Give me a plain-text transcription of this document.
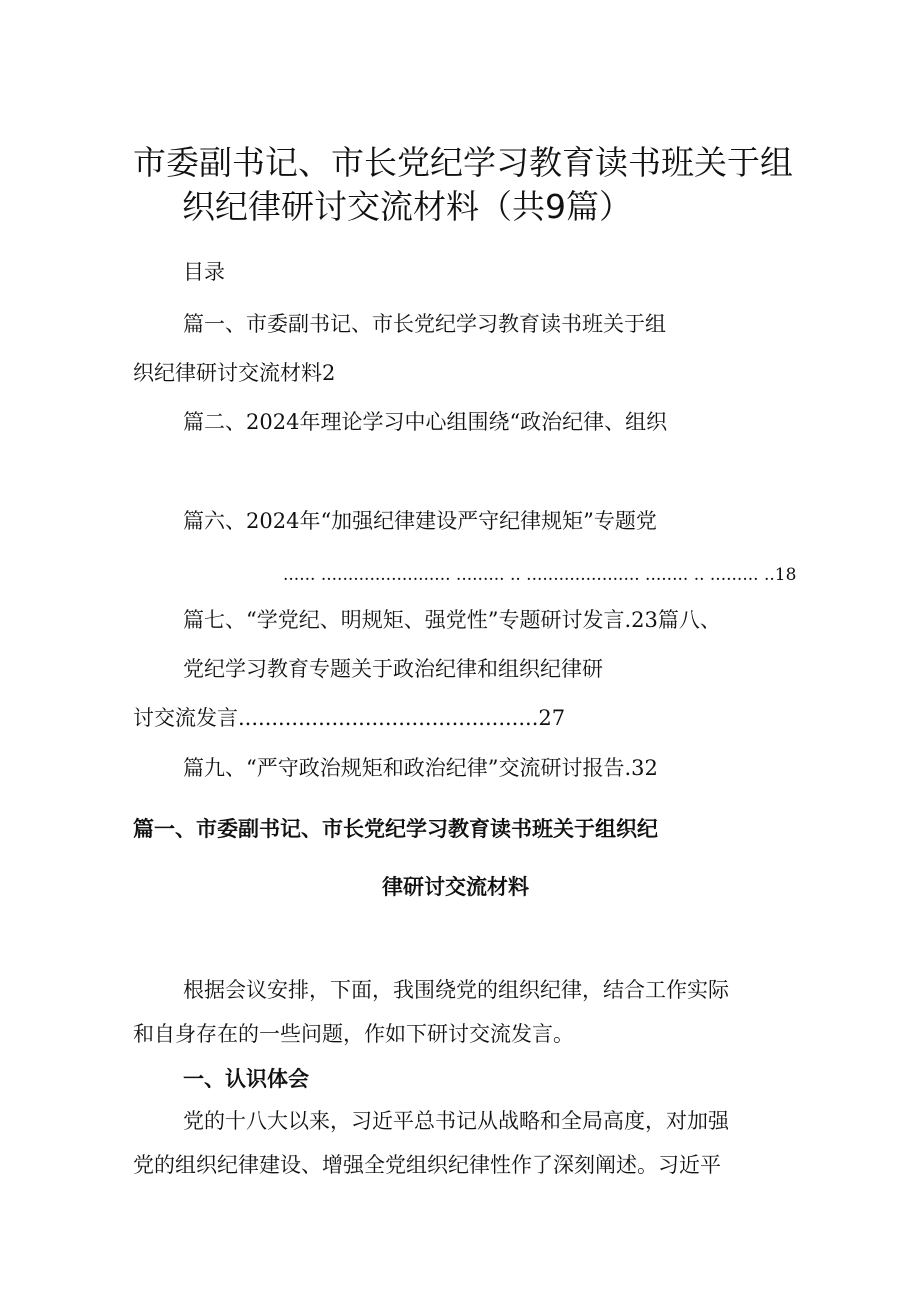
市委副书记、市长党纪学习教育读书班关于组
织纪律研讨交流材料（共9篇）
目录
篇一、市委副书记、市长党纪学习教育读书班关于组
织纪律研讨交流材料2
篇二、2024年理论学习中心组围绕“政治纪律、组织
篇六、2024年“加强纪律建设严守纪律规矩”专题党
...... ........................ ......... .. ..................... ........ .. ......... ..18
篇七、“学党纪、明规矩、强党性”专题研讨发言.23篇八、
党纪学习教育专题关于政治纪律和组织纪律研
讨交流发言.............................................27
篇九、“严守政治规矩和政治纪律”交流研讨报告.32
篇一、市委副书记、市长党纪学习教育读书班关于组织纪
律研讨交流材料
根据会议安排，下面，我围绕党的组织纪律，结合工作实际
和自身存在的一些问题，作如下研讨交流发言。
一、认识体会
党的十八大以来，习近平总书记从战略和全局高度，对加强
党的组织纪律建设、增强全党组织纪律性作了深刻阐述。习近平
